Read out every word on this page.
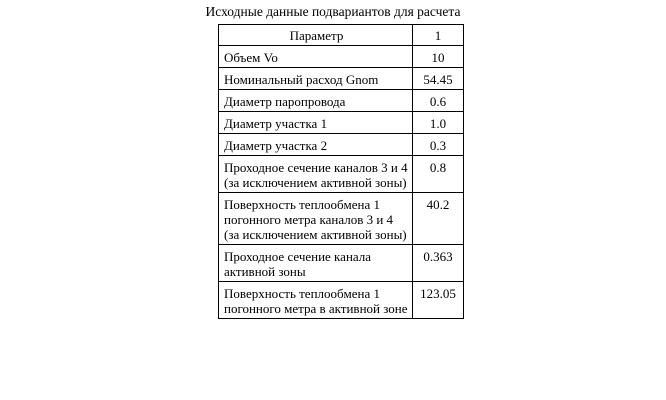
Исходные данные подвариантов для расчета
Параметр	1
Объем Vo	10
Номинальный расход Gnom	54.45
Диаметр паропровода	0.6
Диаметр участка 1	1.0
Диаметр участка 2	0.3
Проходное сечение каналов 3 и 4 (за исключением активной зоны)	0.8
Поверхность теплообмена 1 погонного метра каналов 3 и 4 (за исключением активной зоны)	40.2
Проходное сечение канала активной зоны	0.363
Поверхность теплообмена 1 погонного метра в активной зоне	123.05
